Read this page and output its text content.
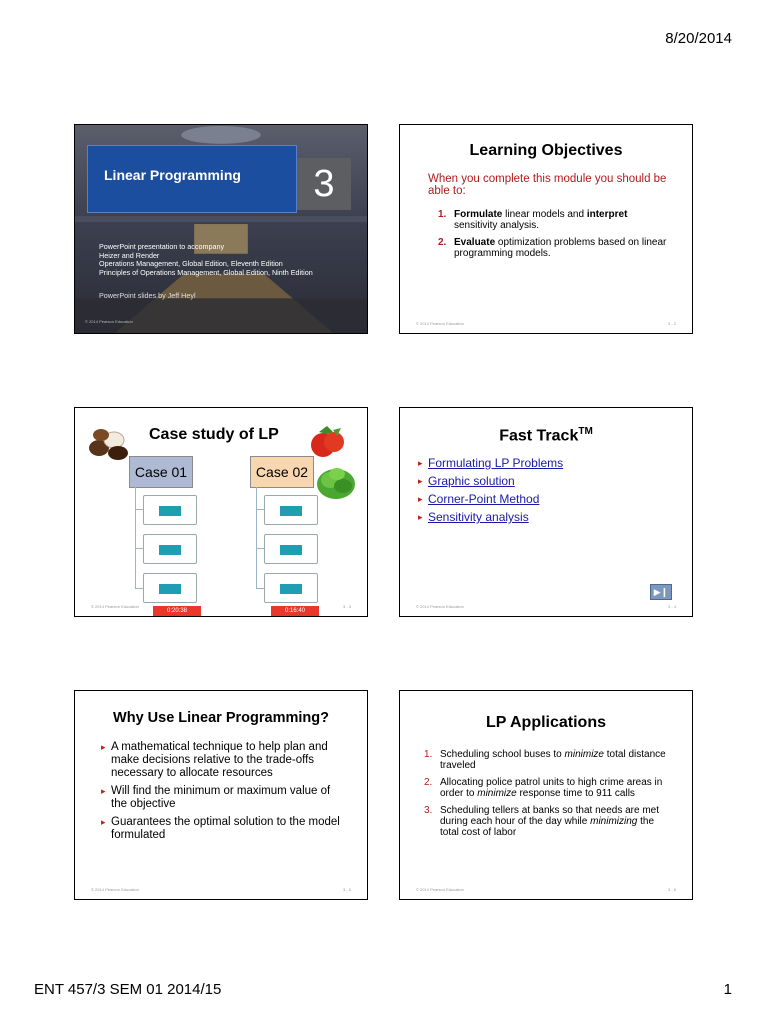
8/20/2014
Linear Programming	3
PowerPoint presentation to accompany
Heizer and Render
Operations Management, Global Edition, Eleventh Edition
Principles of Operations Management, Global Edition, Ninth Edition
PowerPoint slides by Jeff Heyl
© 2014 Pearson Education
Learning Objectives
When you complete this module you should be able to:
1. Formulate linear models and interpret sensitivity analysis.
2. Evaluate optimization problems based on linear programming models.
© 2014 Pearson Education	3 - 2
Case study of LP
Case 01	Case 02
0:20:38	0:16:40
© 2014 Pearson Education	3 - 3
Fast Track™
▸ Formulating LP Problems
▸ Graphic solution
▸ Corner-Point Method
▸ Sensitivity analysis
▶❙
© 2014 Pearson Education	3 - 4
Why Use Linear Programming?
▸ A mathematical technique to help plan and make decisions relative to the trade-offs necessary to allocate resources
▸ Will find the minimum or maximum value of the objective
▸ Guarantees the optimal solution to the model formulated
© 2014 Pearson Education	3 - 5
LP Applications
1. Scheduling school buses to minimize total distance traveled
2. Allocating police patrol units to high crime areas in order to minimize response time to 911 calls
3. Scheduling tellers at banks so that needs are met during each hour of the day while minimizing the total cost of labor
© 2014 Pearson Education	3 - 6
ENT 457/3 SEM 01 2014/15	1
